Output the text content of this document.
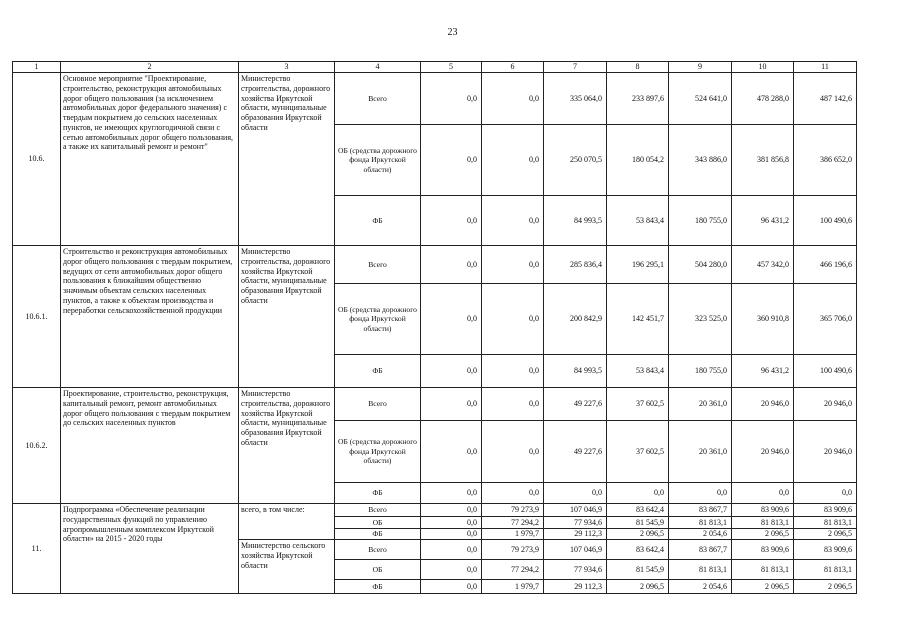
23
1	2	3	4	5	6	7	8	9	10	11
10.6.	Основное мероприятие "Проектирование, строительство, реконструкция автомобильных дорог общего пользования (за исключением автомобильных дорог федерального значения) с твердым покрытием до сельских населенных пунктов, не имеющих круглогодичной связи с сетью автомобильных дорог общего пользования, а также их капитальный ремонт и ремонт"	Министерство строительства, дорожного хозяйства Иркутской области, муниципальные образования Иркутской области	Всего	0,0	0,0	335 064,0	233 897,6	524 641,0	478 288,0	487 142,6
			ОБ (средства дорожного фонда Иркутской области)	0,0	0,0	250 070,5	180 054,2	343 886,0	381 856,8	386 652,0
			ФБ	0,0	0,0	84 993,5	53 843,4	180 755,0	96 431,2	100 490,6
10.6.1.	Строительство и реконструкция автомобильных дорог общего пользования с твердым покрытием, ведущих от сети автомобильных дорог общего пользования к ближайшим общественно значимым объектам сельских населенных пунктов, а также к объектам производства и переработки сельскохозяйственной продукции	Министерство строительства, дорожного хозяйства Иркутской области, муниципальные образования Иркутской области	Всего	0,0	0,0	285 836,4	196 295,1	504 280,0	457 342,0	466 196,6
			ОБ (средства дорожного фонда Иркутской области)	0,0	0,0	200 842,9	142 451,7	323 525,0	360 910,8	365 706,0
			ФБ	0,0	0,0	84 993,5	53 843,4	180 755,0	96 431,2	100 490,6
10.6.2.	Проектирование, строительство, реконструкция, капитальный ремонт, ремонт автомобильных дорог общего пользования с твердым покрытием до сельских населенных пунктов	Министерство строительства, дорожного хозяйства Иркутской области, муниципальные образования Иркутской области	Всего	0,0	0,0	49 227,6	37 602,5	20 361,0	20 946,0	20 946,0
			ОБ (средства дорожного фонда Иркутской области)	0,0	0,0	49 227,6	37 602,5	20 361,0	20 946,0	20 946,0
			ФБ	0,0	0,0	0,0	0,0	0,0	0,0	0,0
11.	Подпрограмма «Обеспечение реализации государственных функций по управлению агропромышленным комплексом Иркутской области» на 2015 - 2020 годы	всего, в том числе:	Всего	0,0	79 273,9	107 046,9	83 642,4	83 867,7	83 909,6	83 909,6
			ОБ	0,0	77 294,2	77 934,6	81 545,9	81 813,1	81 813,1	81 813,1
			ФБ	0,0	1 979,7	29 112,3	2 096,5	2 054,6	2 096,5	2 096,5
		Министерство сельского хозяйства Иркутской области	Всего	0,0	79 273,9	107 046,9	83 642,4	83 867,7	83 909,6	83 909,6
			ОБ	0,0	77 294,2	77 934,6	81 545,9	81 813,1	81 813,1	81 813,1
			ФБ	0,0	1 979,7	29 112,3	2 096,5	2 054,6	2 096,5	2 096,5
